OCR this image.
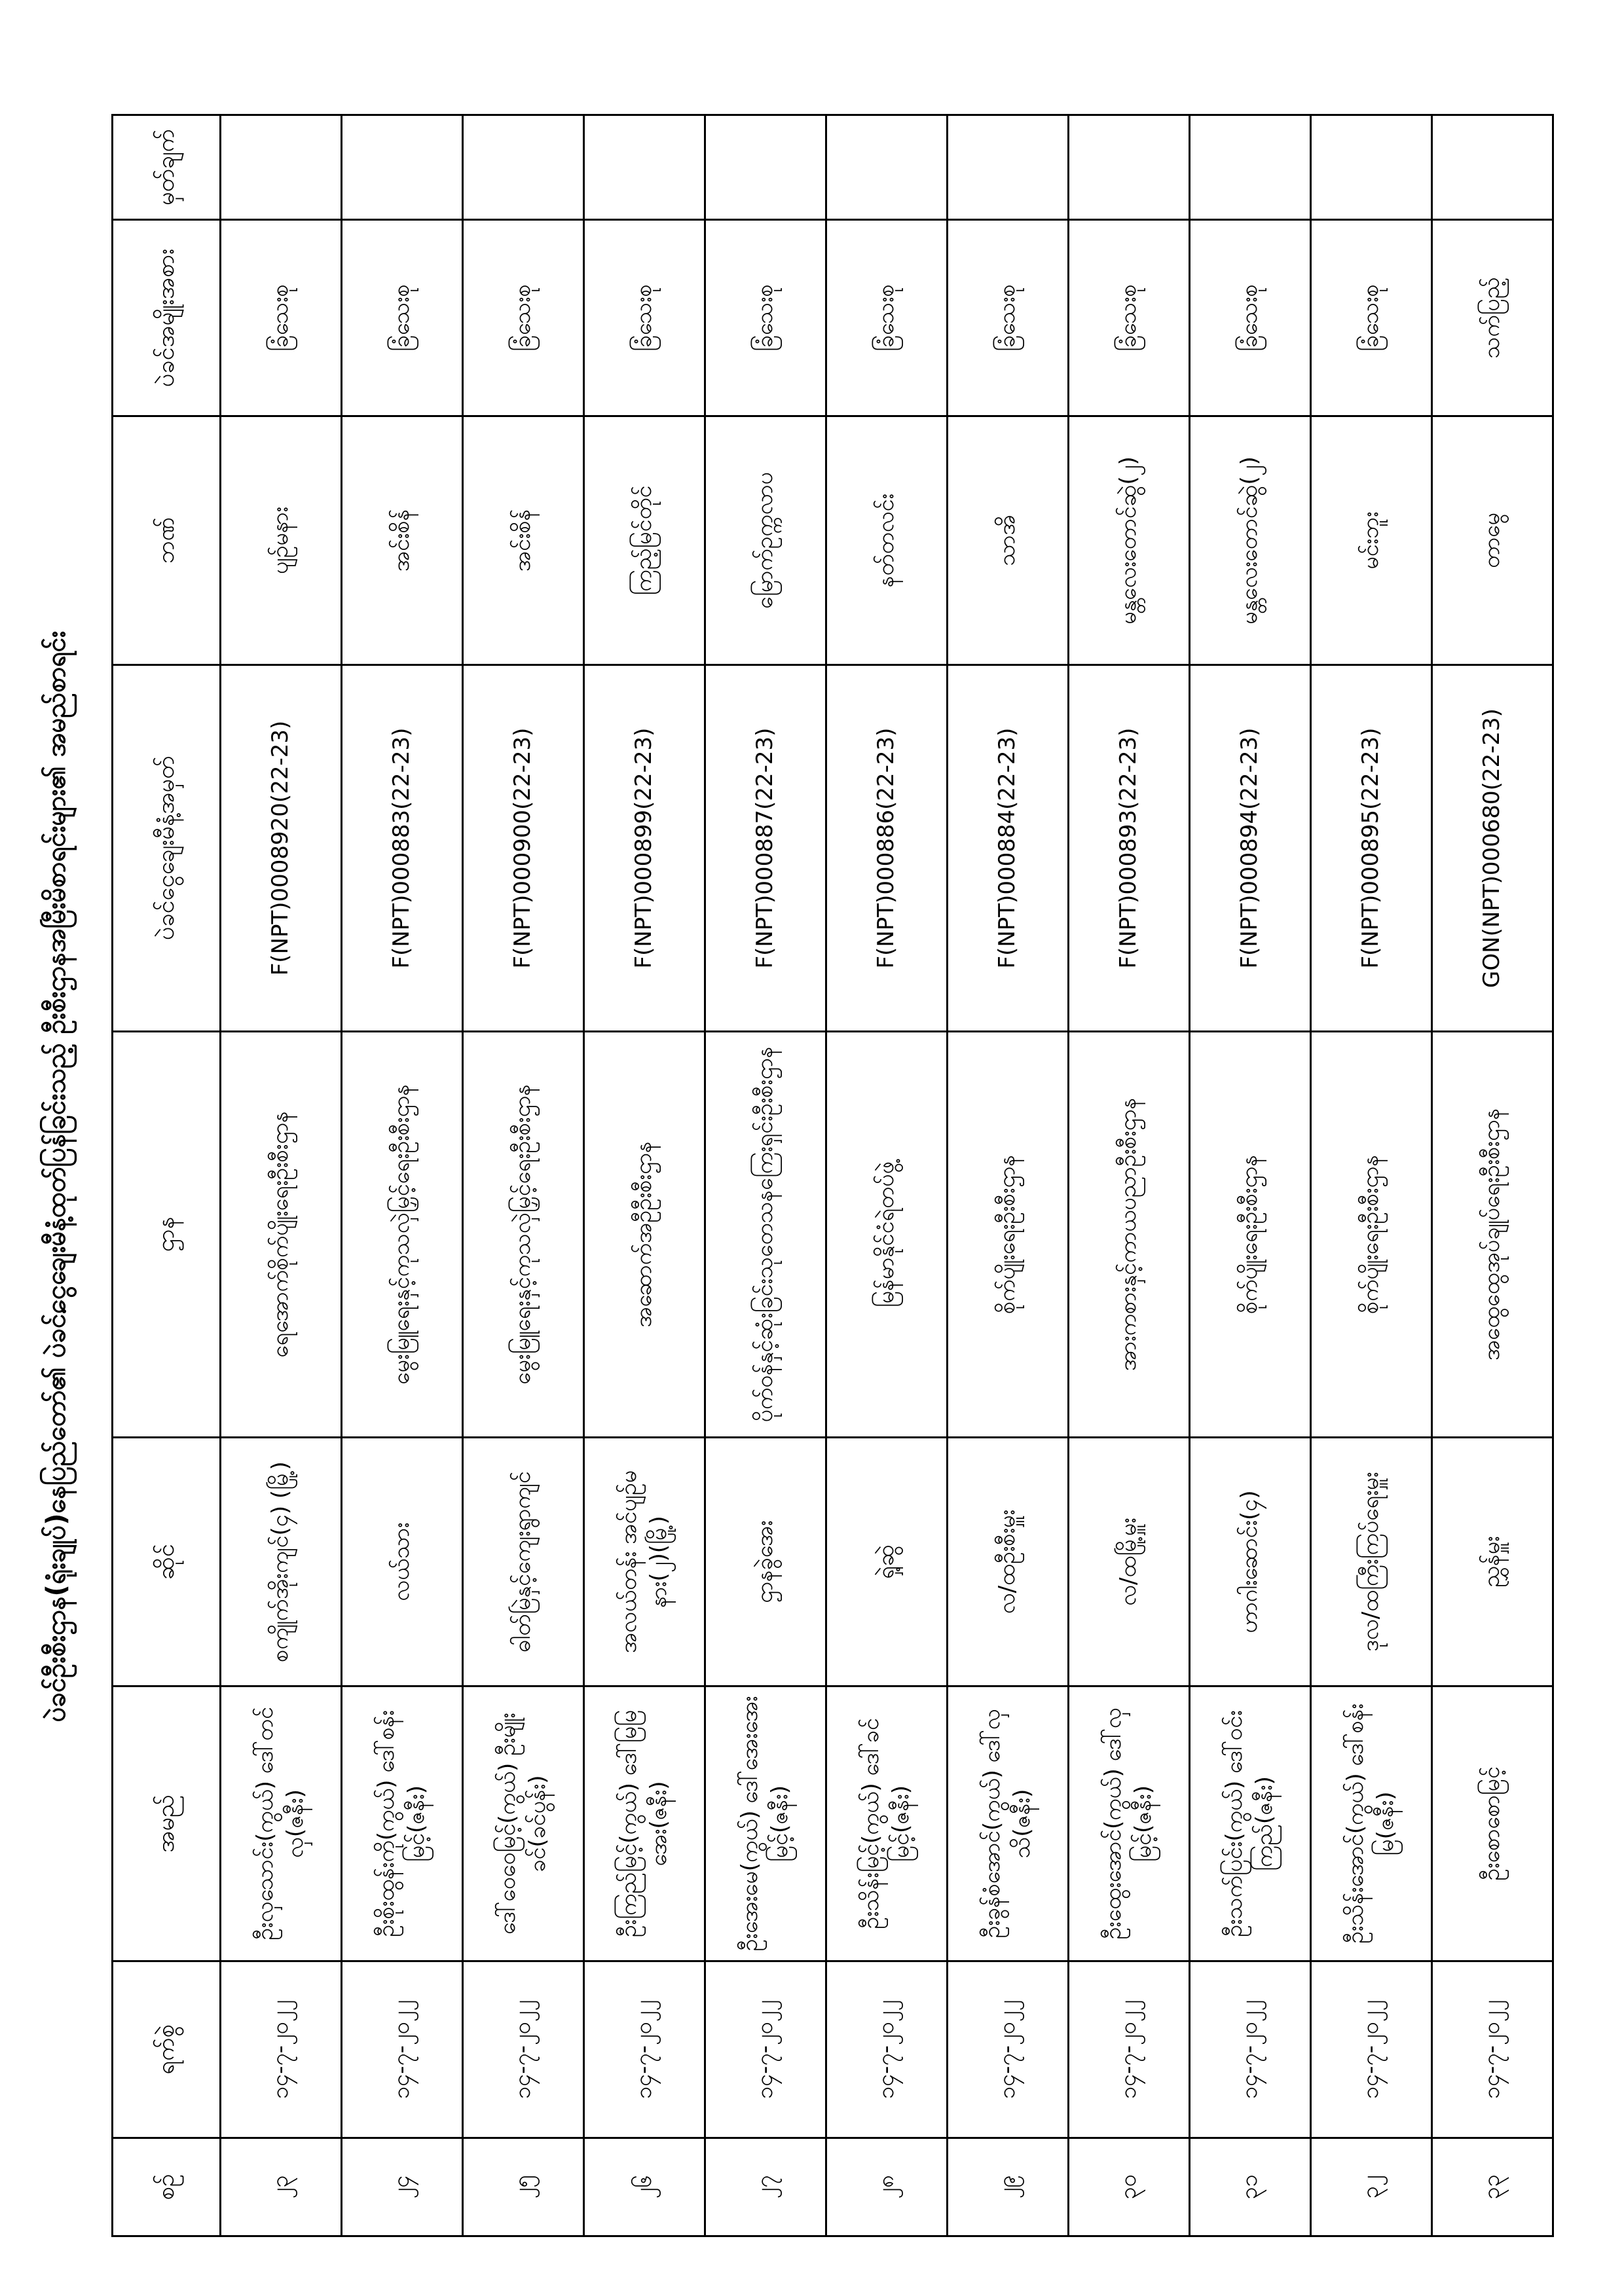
ပဲခင်ဦးစီးဌာန(ရုံးချုပ်)နေပြည်တော်၏ ပဲခင်ငွေချေးမီနံ့ထုတ်ပြန်ခြင်းသည့် ဦးစီးဌာနအမြီးမိစာရင်းများ၏ အမည်စာရင်း
စဉ်	ရက်စွဲ	အမည်	ဆိုင်	ဌာန	ပဲခင်ငွေချေးမီနံ့အမှတ်	ဘဏ်	ပဲခင်အမျိုးအစား	မှတ်ချက်
၂၃	၁၄-၇-၂၀၂၂	ဦးလှသောင်း(ကွယ်) ဒေါ်တင်လှ(ဇနီး)	စကျိုက်အိုးကျင်(၄) (မြို့)	ရေအောက်စိုက်ပျိုးရေးဦးစီးဌာန	F(NPT)0008920(22-23)	ပျဉ်မနား	ခြံသေးစု	
၂၄	၁၄-၇-၂၀၂၂	ဦးစိုးထွန်းကို(ကွယ်) ဒေါ်စန်းမြင့်(ဇနီး)	လယ်သား	မွေးမြူရေးနှင့်ကုသလှဲမြှင့်ရေးဦးစီးဌာန	F(NPT)000883(22-23)	အင်းစိန်	ခြံသေးစု	
၂၅	၁၄-၇-၂၀၂၂	ဒေါ်ဝေဝေမြင့်(ကွယ်) ဦးမျိုးခင်(ခင်ပွန်း)	ဓါတ်မြဲနှင့်ကျေးရွာကျင်	မွေးမြူရေးနှင့်ကုသလှဲမြှင့်ရေးဦးစီးဌာန	F(NPT)000900(22-23)	အင်းစိန်	ခြံသေးစု	
၂၆	၁၄-၇-၂၀၂၂	ဦးကြည်မြင့်(ကွယ်) ဒေါ်မြမြအေး(ဇနီး)	အလယ်တန်း အင်ပျဉ်မနား(၂)(မြို့)	အဆောက်အဦဦးစီးဌာန	F(NPT)000899(22-23)	ကြည့်မြင်တိုင်	ခြံသေးစု	
၂၇	၁၄-၇-၂၀၂၂	ဦးအေးမေ(ကွယ်) ဒေါ်အေးအေးမြင့်(ဇနီး)	ဌာနခွဲအေး	ပိုက်ဝန်နှင့်ဆုံးခြင်းသုတေသနကြေးရှင်းဦးစီးဌာန	F(NPT)000887(22-23)	မြောက်ဥက္ကလာပ	ခြံသေးစု	
၂၈	၁၄-၇-၂၀၂၂	ဦးသိန်းမြင့်(ကွယ်) ဒေါ်ခင်မြင့်(ဇနီး)	ရှဲ့ဆွဲ	မြန်မာနိုင်ငံရဲတပ်ဖွဲ့	F(NPT)000886(22-23)	နတ်တလင်း	ခြံသေးစု	
၂၉	၁၄-၇-၂၀၂၂	ဦးခွန်စံအောင်(ကွယ်) ဒေါ်လှသိ(ဇနီး)	လ/ထဦးစီးမှူး	စိုက်ပျိုးရေးဦးစီးဌာန	F(NPT)000884(22-23)	သာအိ	ခြံသေးစု	
၃၀	၁၄-၇-၂၀၂၂	ဦးထွေးအောင်(ကွယ်) ဒေါ်လှမြင့်(ဇနီး)	လ/ထမြို့မှူး	အားကစားနှင့်ကာယပညာဦးစီးဌာန	F(NPT)000893(22-23)	မန္တလေးတောင်ဆွဲ(၂)	ခြံသေးစု	
၃၁	၁၄-၇-၂၀၂၂	ဦးသက်ပြင်း(ကွယ်) ဒေါ်ဝင်းကြည်(ဇနီး)	ဟာဂါးဆောင်း(၄)	စိုက်ပျိုးရေးဦးစီးဌာန	F(NPT)000894(22-23)	မန္တလေးတောင်ဆွဲ(၂)	ခြံသေးစု	
၃၂	၁၄-၇-၂၀၂၂	ဦးသိန်းအောင်(ကွယ်) ဒေါ်စန်းမြ(ဇနီး)	ဒုလ/ထကြီးကြပ်ရေးမှူး	စိုက်ပျိုးရေးဦးစီးဌာန	F(NPT)000895(22-23)	မင်းဘူး	ခြံသေးစု	
၃၃	၁၄-၇-၂၀၂၂	ဦးစောစောမြင့်	ညွှန်မှူး	အထွေထွေအုပ်ချုပ်ရေးဦးစီးဌာန	GON(NPT)000680(22-23)	တာမွေ	သက်ပြည့်	
